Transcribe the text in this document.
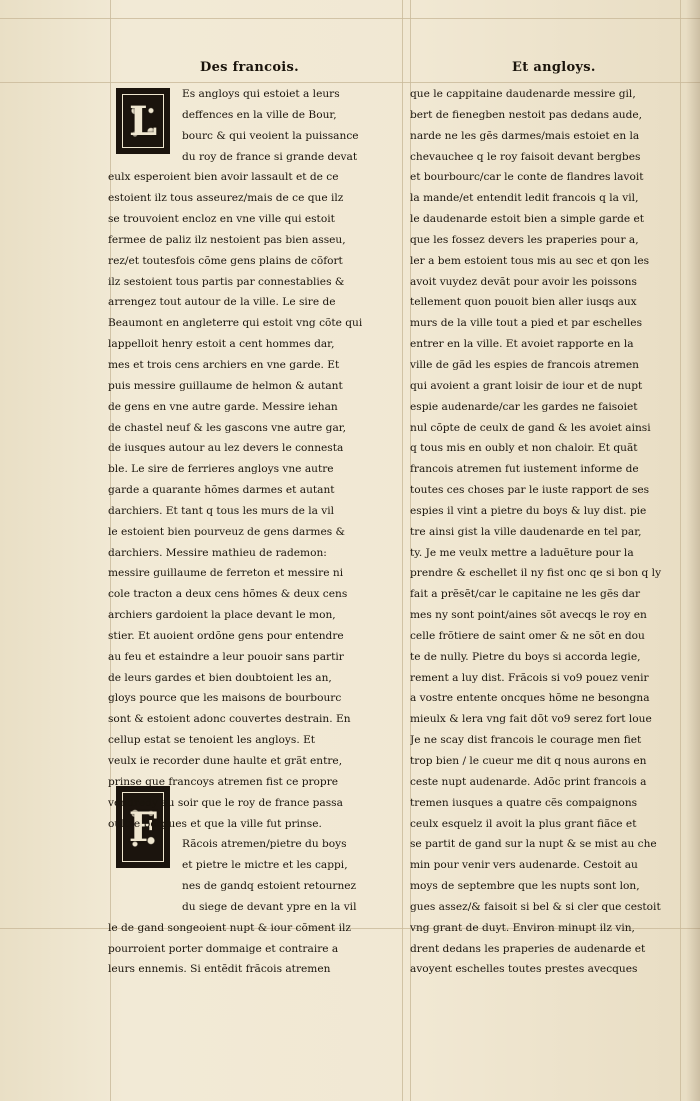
Des francois.	Et angloys.
L
F
Es angloys qui estoiet a leurs
deffences en la ville de Bour,
bourc & qui veoient la puissance
du roy de france si grande devat
eulx esperoient bien avoir lassault et de ce
estoient ilz tous asseurez/mais de ce que ilz
se trouvoient encloz en vne ville qui estoit
fermee de paliz ilz nestoient pas bien asseu,
rez/et toutesfois cõme gens plains de cõfort
ilz sestoient tous partis par connestablies &
arrengez tout autour de la ville. Le sire de
Beaumont en angleterre qui estoit vng cõte qui
lappelloit henry estoit a cent hommes dar,
mes et trois cens archiers en vne garde. Et
puis messire guillaume de helmon & autant
de gens en vne autre garde. Messire iehan
de chastel neuf & les gascons vne autre gar,
de iusques autour au lez devers le connesta
ble. Le sire de ferrieres angloys vne autre
garde a quarante hõmes darmes et autant
darchiers. Et tant q tous les murs de la vil
le estoient bien pourveuz de gens darmes &
darchiers. Messire mathieu de rademon:
messire guillaume de ferreton et messire ni
cole tracton a deux cens hõmes & deux cens
archiers gardoient la place devant le mon,
stier. Et auoient ordõne gens pour entendre
au feu et estaindre a leur pouoir sans partir
de leurs gardes et bien doubtoient les an,
gloys pource que les maisons de bourbourc
sont & estoient adonc couvertes destrain. En
cellup estat se tenoient les angloys. Et
veulx ie recorder dune haulte et grãt entre,
prinse que francoys atremen fist ce propre
vendredy au soir que le roy de france passa
oultre bergues et que la ville fut prinse.
Rãcois atremen/pietre du boys
et pietre le mictre et les cappi,
nes de gandq estoient retournez
du siege de devant ypre en la vil
le de gand songeoient nupt & iour cõment ilz
pourroient porter dommaige et contraire a
leurs ennemis. Si entẽdit frãcois atremen
que le cappitaine daudenarde messire gil,
bert de fienegben nestoit pas dedans aude,
narde ne les gẽs darmes/mais estoiet en la
chevauchee q le roy faisoit devant bergbes
et bourbourc/car le conte de flandres lavoit
la mande/et entendit ledit francois q la vil,
le daudenarde estoit bien a simple garde et
que les fossez devers les praperies pour a,
ler a bem estoient tous mis au sec et qon les
avoit vuydez devãt pour avoir les poissons
tellement quon pouoit bien aller iusqs aux
murs de la ville tout a pied et par eschelles
entrer en la ville. Et avoiet rapporte en la
ville de gãd les espies de francois atremen
qui avoient a grant loisir de iour et de nupt
espie audenarde/car les gardes ne faisoiet
nul cõpte de ceulx de gand & les avoiet ainsi
q tous mis en oubly et non chaloir. Et quãt
francois atremen fut iustement informe de
toutes ces choses par le iuste rapport de ses
espies il vint a pietre du boys & luy dist. pie
tre ainsi gist la ville daudenarde en tel par,
ty. Je me veulx mettre a laduẽture pour la
prendre & eschellet il ny fist onc qe si bon q ly
fait a prẽsẽt/car le capitaine ne les gẽs dar
mes ny sont point/aines sõt avecqs le roy en
celle frõtiere de saint omer & ne sõt en dou
te de nully. Pietre du boys si accorda legie,
rement a luy dist. Frãcois si vo9 pouez venir
a vostre entente oncques hõme ne besongna
mieulx & lera vng fait dõt vo9 serez fort loue
Je ne scay dist francois le courage men fiet
trop bien / le cueur me dit q nous aurons en
ceste nupt audenarde. Adõc print francois a
tremen iusques a quatre cẽs compaignons
ceulx esquelz il avoit la plus grant fiãce et
se partit de gand sur la nupt & se mist au che
min pour venir vers audenarde. Cestoit au
moys de septembre que les nupts sont lon,
gues assez/& faisoit si bel & si cler que cestoit
vng grant de duyt. Environ minupt ilz vin,
drent dedans les praperies de audenarde et
avoyent eschelles toutes prestes avecques
